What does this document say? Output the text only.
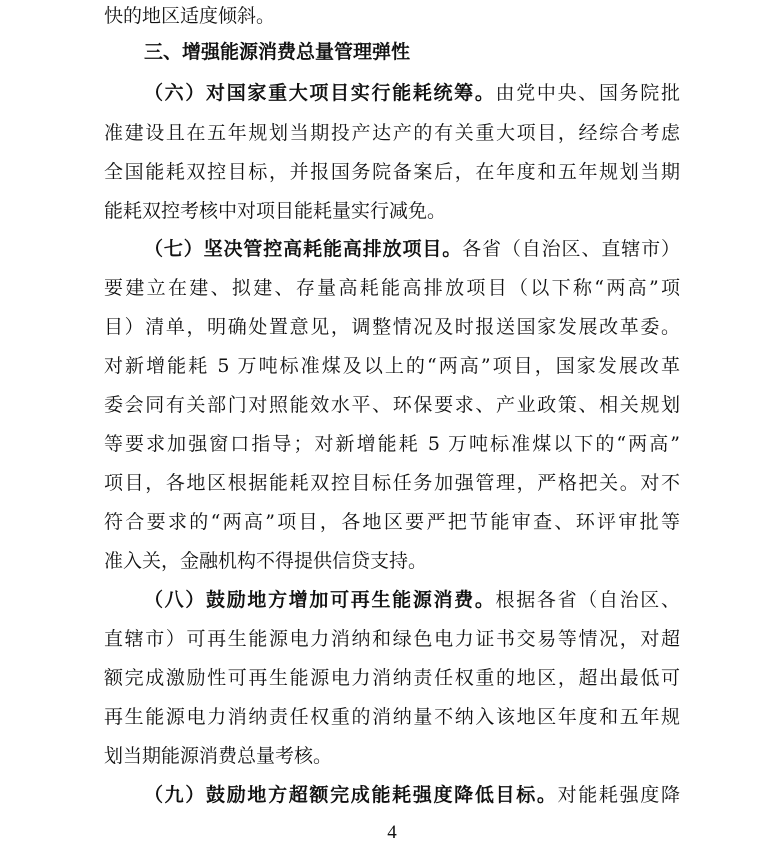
快的地区适度倾斜。
三、增强能源消费总量管理弹性
（六）对国家重大项目实行能耗统筹。由党中央、国务院批
准建设且在五年规划当期投产达产的有关重大项目，经综合考虑
全国能耗双控目标，并报国务院备案后，在年度和五年规划当期
能耗双控考核中对项目能耗量实行减免。
（七）坚决管控高耗能高排放项目。各省（自治区、直辖市）
要建立在建、拟建、存量高耗能高排放项目（以下称“两高”项
目）清单，明确处置意见，调整情况及时报送国家发展改革委。
对新增能耗 5 万吨标准煤及以上的“两高”项目，国家发展改革
委会同有关部门对照能效水平、环保要求、产业政策、相关规划
等要求加强窗口指导；对新增能耗 5 万吨标准煤以下的“两高”
项目，各地区根据能耗双控目标任务加强管理，严格把关。对不
符合要求的“两高”项目，各地区要严把节能审查、环评审批等
准入关，金融机构不得提供信贷支持。
（八）鼓励地方增加可再生能源消费。根据各省（自治区、
直辖市）可再生能源电力消纳和绿色电力证书交易等情况，对超
额完成激励性可再生能源电力消纳责任权重的地区，超出最低可
再生能源电力消纳责任权重的消纳量不纳入该地区年度和五年规
划当期能源消费总量考核。
（九）鼓励地方超额完成能耗强度降低目标。对能耗强度降
4
